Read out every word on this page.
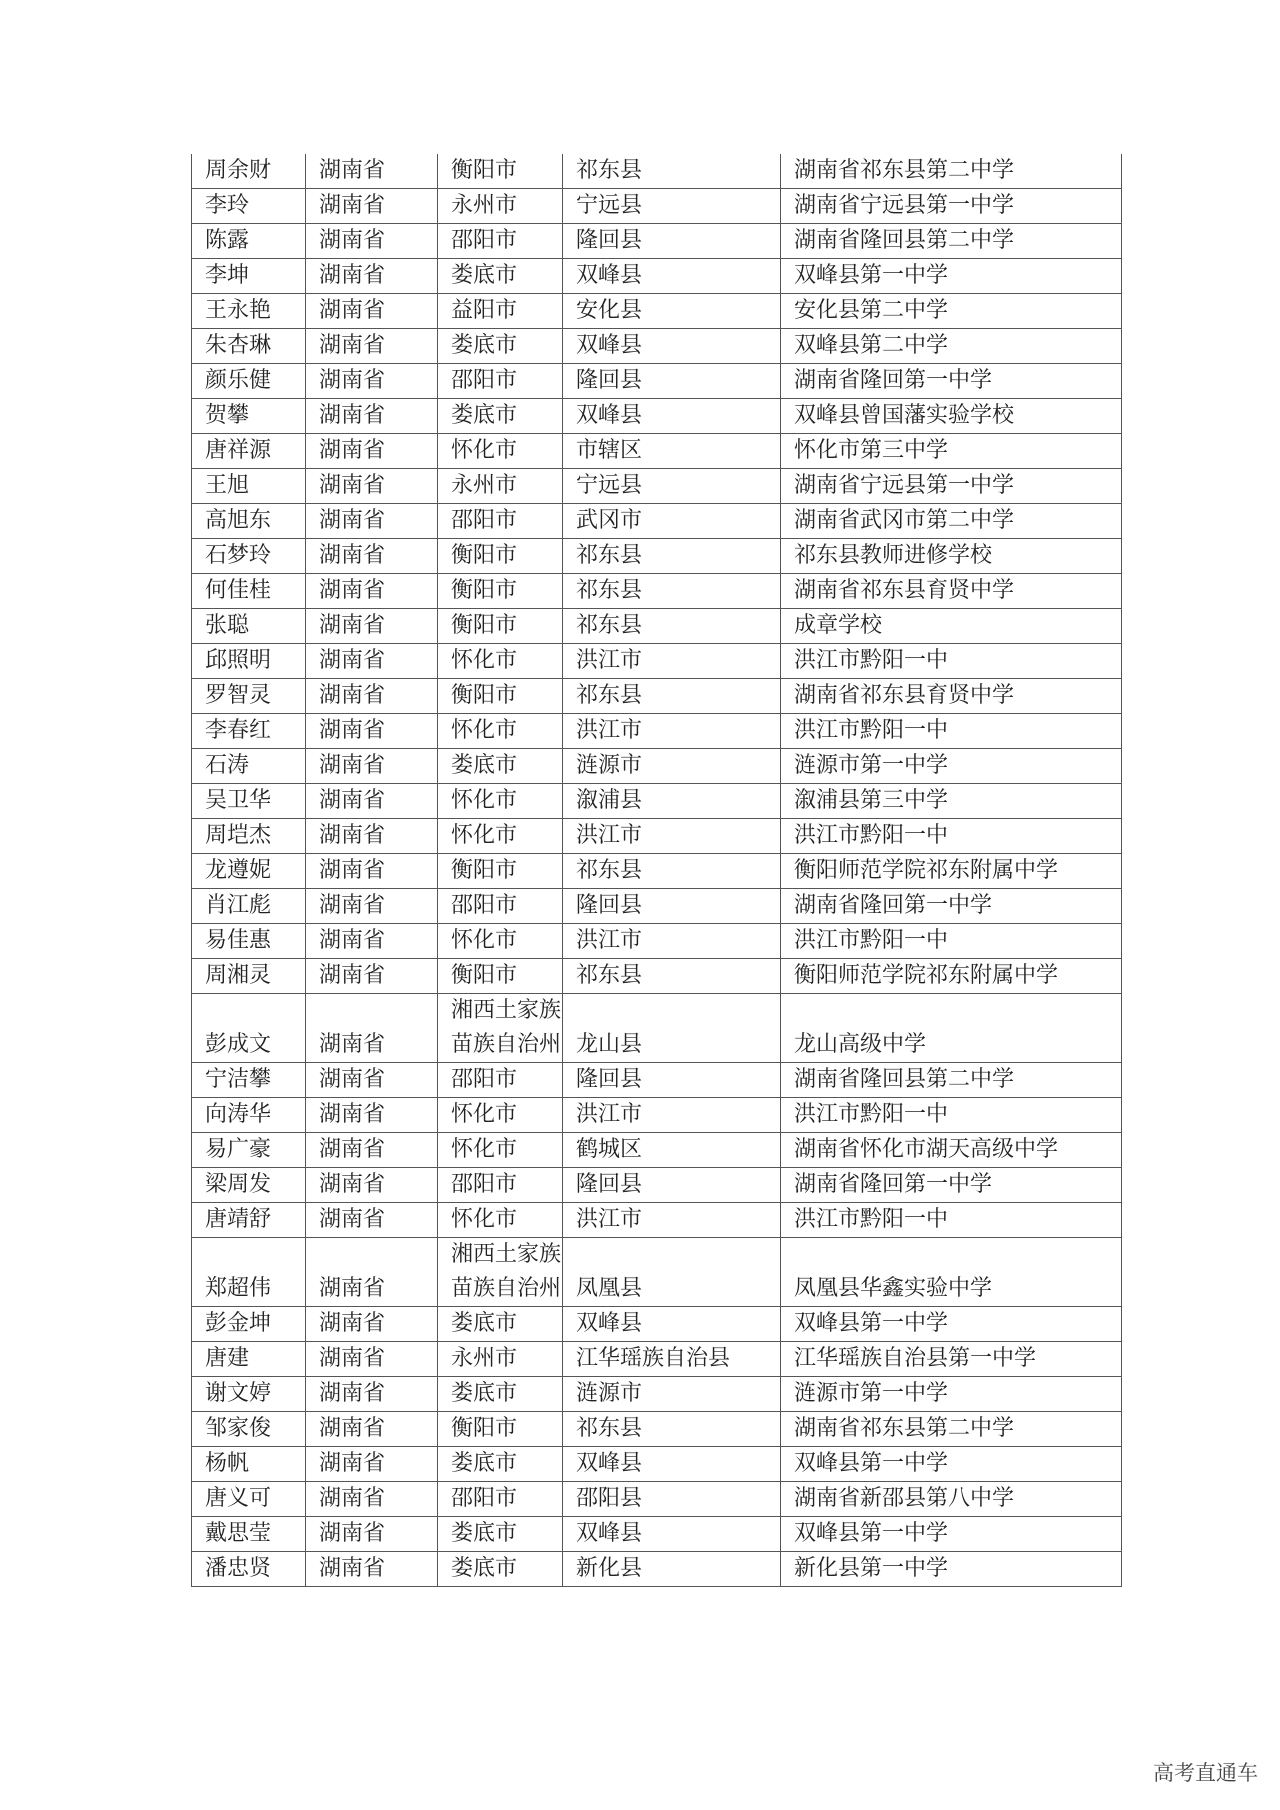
周余财	湖南省	衡阳市	祁东县	湖南省祁东县第二中学
李玲	湖南省	永州市	宁远县	湖南省宁远县第一中学
陈露	湖南省	邵阳市	隆回县	湖南省隆回县第二中学
李坤	湖南省	娄底市	双峰县	双峰县第一中学
王永艳	湖南省	益阳市	安化县	安化县第二中学
朱杏琳	湖南省	娄底市	双峰县	双峰县第二中学
颜乐健	湖南省	邵阳市	隆回县	湖南省隆回第一中学
贺攀	湖南省	娄底市	双峰县	双峰县曾国藩实验学校
唐祥源	湖南省	怀化市	市辖区	怀化市第三中学
王旭	湖南省	永州市	宁远县	湖南省宁远县第一中学
高旭东	湖南省	邵阳市	武冈市	湖南省武冈市第二中学
石梦玲	湖南省	衡阳市	祁东县	祁东县教师进修学校
何佳桂	湖南省	衡阳市	祁东县	湖南省祁东县育贤中学
张聪	湖南省	衡阳市	祁东县	成章学校
邱照明	湖南省	怀化市	洪江市	洪江市黔阳一中
罗智灵	湖南省	衡阳市	祁东县	湖南省祁东县育贤中学
李春红	湖南省	怀化市	洪江市	洪江市黔阳一中
石涛	湖南省	娄底市	涟源市	涟源市第一中学
吴卫华	湖南省	怀化市	溆浦县	溆浦县第三中学
周垲杰	湖南省	怀化市	洪江市	洪江市黔阳一中
龙遵妮	湖南省	衡阳市	祁东县	衡阳师范学院祁东附属中学
肖江彪	湖南省	邵阳市	隆回县	湖南省隆回第一中学
易佳惠	湖南省	怀化市	洪江市	洪江市黔阳一中
周湘灵	湖南省	衡阳市	祁东县	衡阳师范学院祁东附属中学
彭成文	湖南省	湘西土家族苗族自治州	龙山县	龙山高级中学
宁洁攀	湖南省	邵阳市	隆回县	湖南省隆回县第二中学
向涛华	湖南省	怀化市	洪江市	洪江市黔阳一中
易广豪	湖南省	怀化市	鹤城区	湖南省怀化市湖天高级中学
梁周发	湖南省	邵阳市	隆回县	湖南省隆回第一中学
唐靖舒	湖南省	怀化市	洪江市	洪江市黔阳一中
郑超伟	湖南省	湘西土家族苗族自治州	凤凰县	凤凰县华鑫实验中学
彭金坤	湖南省	娄底市	双峰县	双峰县第一中学
唐建	湖南省	永州市	江华瑶族自治县	江华瑶族自治县第一中学
谢文婷	湖南省	娄底市	涟源市	涟源市第一中学
邹家俊	湖南省	衡阳市	祁东县	湖南省祁东县第二中学
杨帆	湖南省	娄底市	双峰县	双峰县第一中学
唐义可	湖南省	邵阳市	邵阳县	湖南省新邵县第八中学
戴思莹	湖南省	娄底市	双峰县	双峰县第一中学
潘忠贤	湖南省	娄底市	新化县	新化县第一中学
高考直通车
